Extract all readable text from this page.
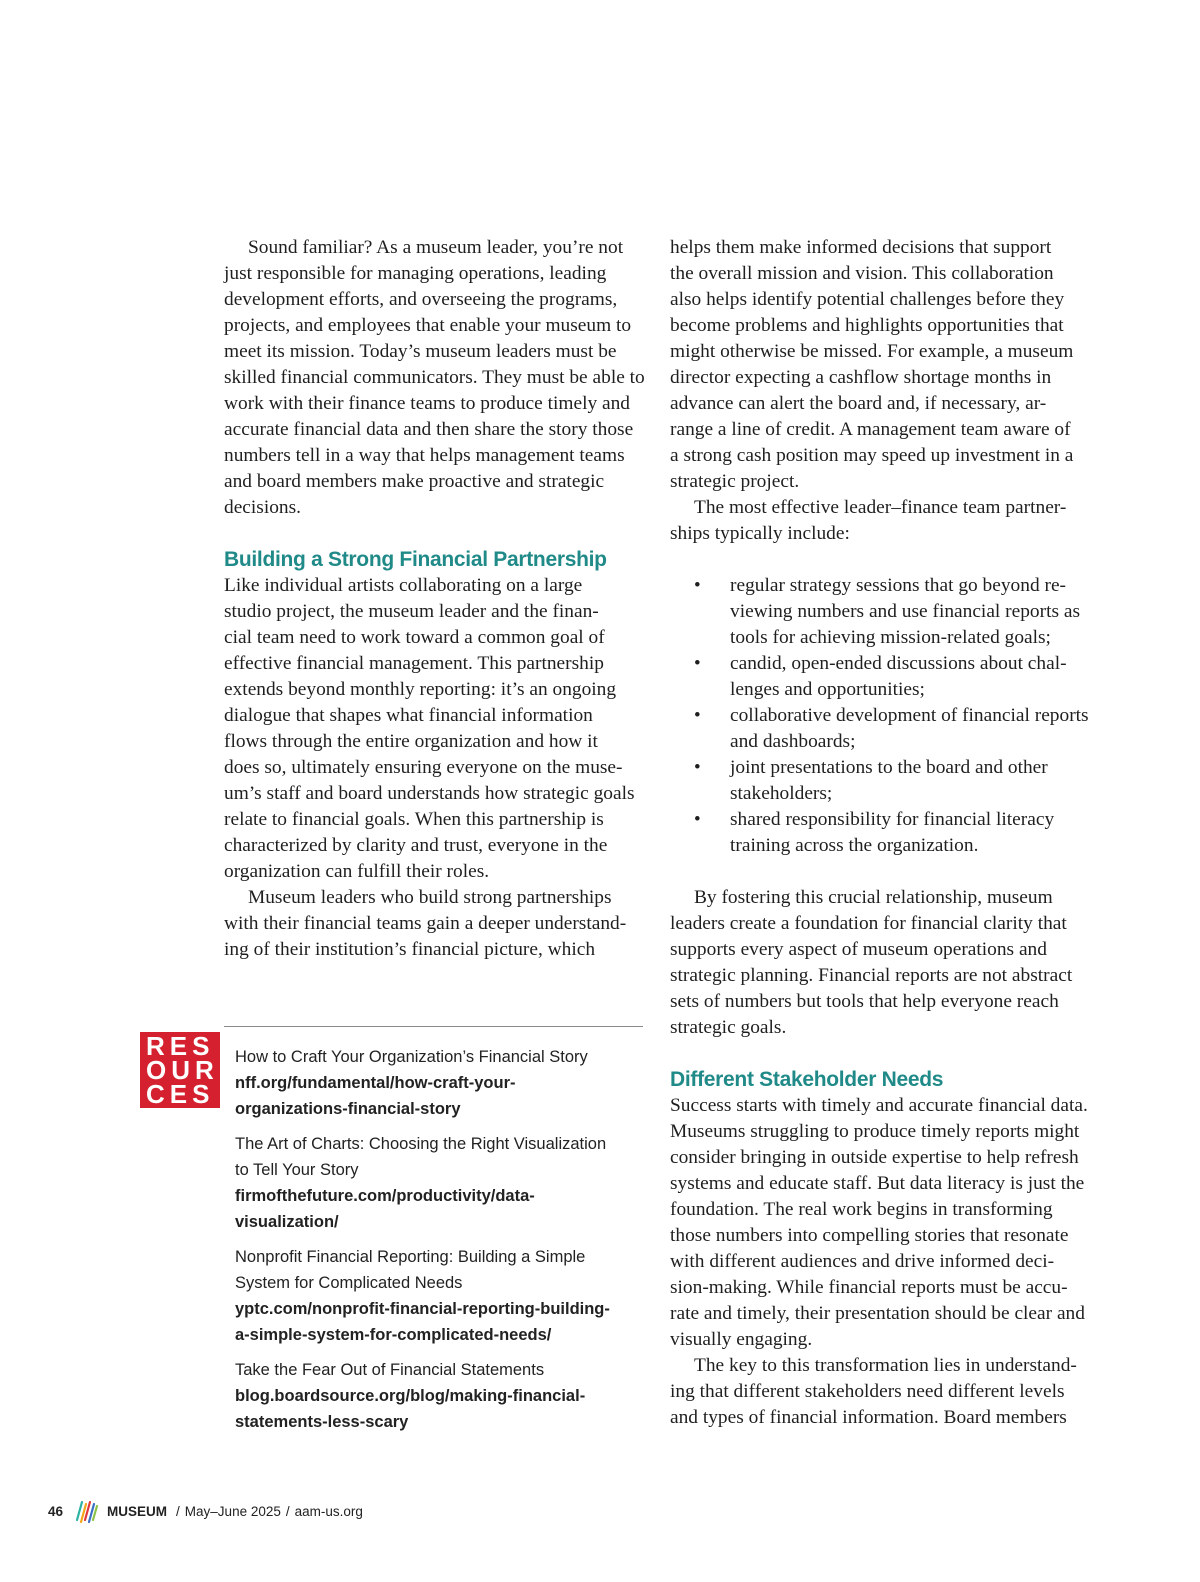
Sound familiar? As a museum leader, you’re not
just responsible for managing operations, leading
development efforts, and overseeing the programs,
projects, and employees that enable your museum to
meet its mission. Today’s museum leaders must be
skilled financial communicators. They must be able to
work with their finance teams to produce timely and
accurate financial data and then share the story those
numbers tell in a way that helps management teams
and board members make proactive and strategic
decisions.
Building a Strong Financial Partnership
Like individual artists collaborating on a large
studio project, the museum leader and the finan-
cial team need to work toward a common goal of
effective financial management. This partnership
extends beyond monthly reporting: it’s an ongoing
dialogue that shapes what financial information
flows through the entire organization and how it
does so, ultimately ensuring everyone on the muse-
um’s staff and board understands how strategic goals
relate to financial goals. When this partnership is
characterized by clarity and trust, everyone in the
organization can fulfill their roles.
Museum leaders who build strong partnerships
with their financial teams gain a deeper understand-
ing of their institution’s financial picture, which
helps them make informed decisions that support
the overall mission and vision. This collaboration
also helps identify potential challenges before they
become problems and highlights opportunities that
might otherwise be missed. For example, a museum
director expecting a cashflow shortage months in
advance can alert the board and, if necessary, ar-
range a line of credit. A management team aware of
a strong cash position may speed up investment in a
strategic project.
The most effective leader–finance team partner-
ships typically include:
• regular strategy sessions that go beyond re-
viewing numbers and use financial reports as
tools for achieving mission-related goals;
• candid, open-ended discussions about chal-
lenges and opportunities;
• collaborative development of financial reports
and dashboards;
• joint presentations to the board and other
stakeholders;
• shared responsibility for financial literacy
training across the organization.
By fostering this crucial relationship, museum
leaders create a foundation for financial clarity that
supports every aspect of museum operations and
strategic planning. Financial reports are not abstract
sets of numbers but tools that help everyone reach
strategic goals.
Different Stakeholder Needs
Success starts with timely and accurate financial data.
Museums struggling to produce timely reports might
consider bringing in outside expertise to help refresh
systems and educate staff. But data literacy is just the
foundation. The real work begins in transforming
those numbers into compelling stories that resonate
with different audiences and drive informed deci-
sion-making. While financial reports must be accu-
rate and timely, their presentation should be clear and
visually engaging.
The key to this transformation lies in understand-
ing that different stakeholders need different levels
and types of financial information. Board members
RES
OUR
CES
How to Craft Your Organization’s Financial Story
nff.org/fundamental/how-craft-your-
organizations-financial-story
The Art of Charts: Choosing the Right Visualization
to Tell Your Story
firmofthefuture.com/productivity/data-
visualization/
Nonprofit Financial Reporting: Building a Simple
System for Complicated Needs
yptc.com/nonprofit-financial-reporting-building-
a-simple-system-for-complicated-needs/
Take the Fear Out of Financial Statements
blog.boardsource.org/blog/making-financial-
statements-less-scary
46	MUSEUM / May–June 2025 / aam-us.org
